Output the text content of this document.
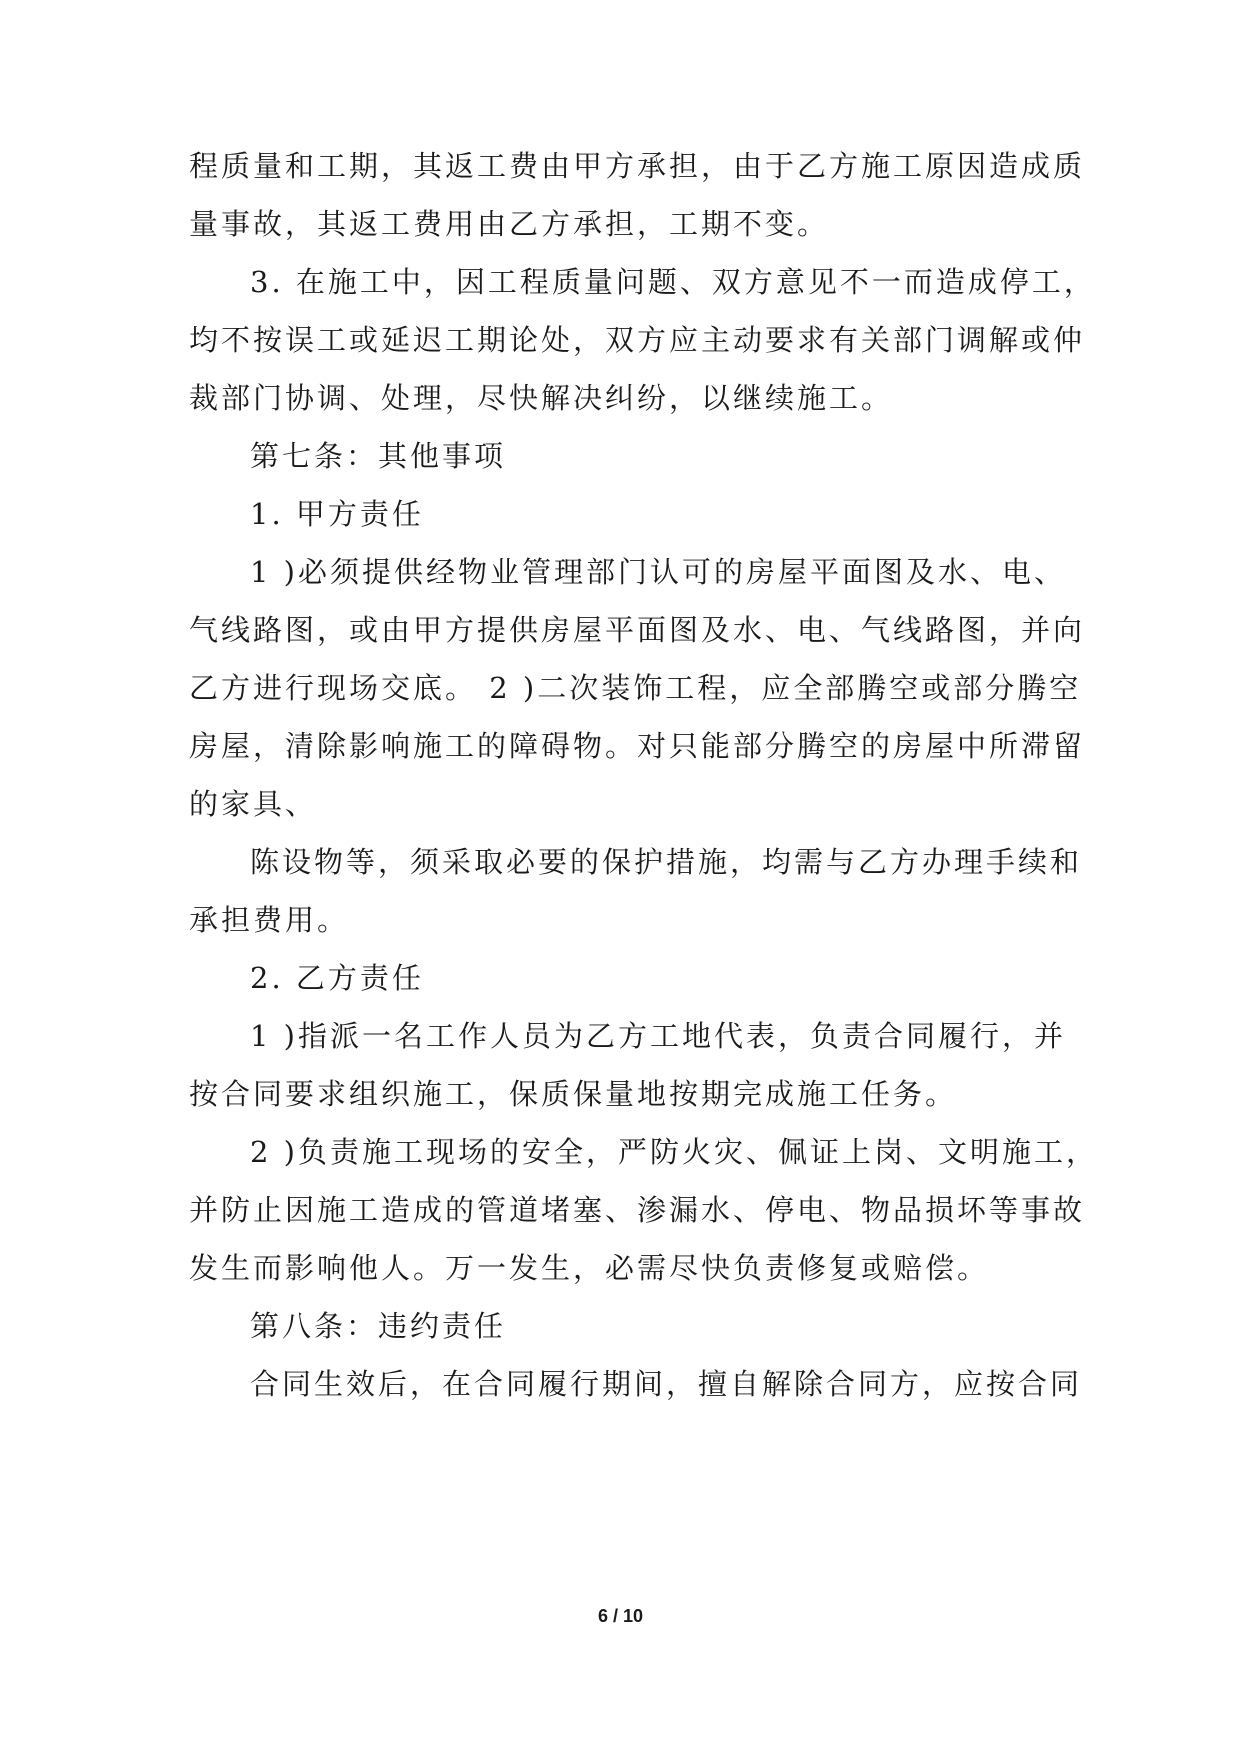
程质量和工期，其返工费由甲方承担，由于乙方施工原因造成质
量事故，其返工费用由乙方承担，工期不变。
3. 在施工中，因工程质量问题、双方意见不一而造成停工，
均不按误工或延迟工期论处，双方应主动要求有关部门调解或仲
裁部门协调、处理，尽快解决纠纷，以继续施工。
第七条：其他事项
1. 甲方责任
1 )必须提供经物业管理部门认可的房屋平面图及水、电、
气线路图，或由甲方提供房屋平面图及水、电、气线路图，并向
乙方进行现场交底。 2 )二次装饰工程，应全部腾空或部分腾空
房屋，清除影响施工的障碍物。对只能部分腾空的房屋中所滞留
的家具、
陈设物等，须采取必要的保护措施，均需与乙方办理手续和
承担费用。
2. 乙方责任
1 )指派一名工作人员为乙方工地代表，负责合同履行，并
按合同要求组织施工，保质保量地按期完成施工任务。
2 )负责施工现场的安全，严防火灾、佩证上岗、文明施工，
并防止因施工造成的管道堵塞、渗漏水、停电、物品损坏等事故
发生而影响他人。万一发生，必需尽快负责修复或赔偿。
第八条：违约责任
合同生效后，在合同履行期间，擅自解除合同方，应按合同
6 / 10
